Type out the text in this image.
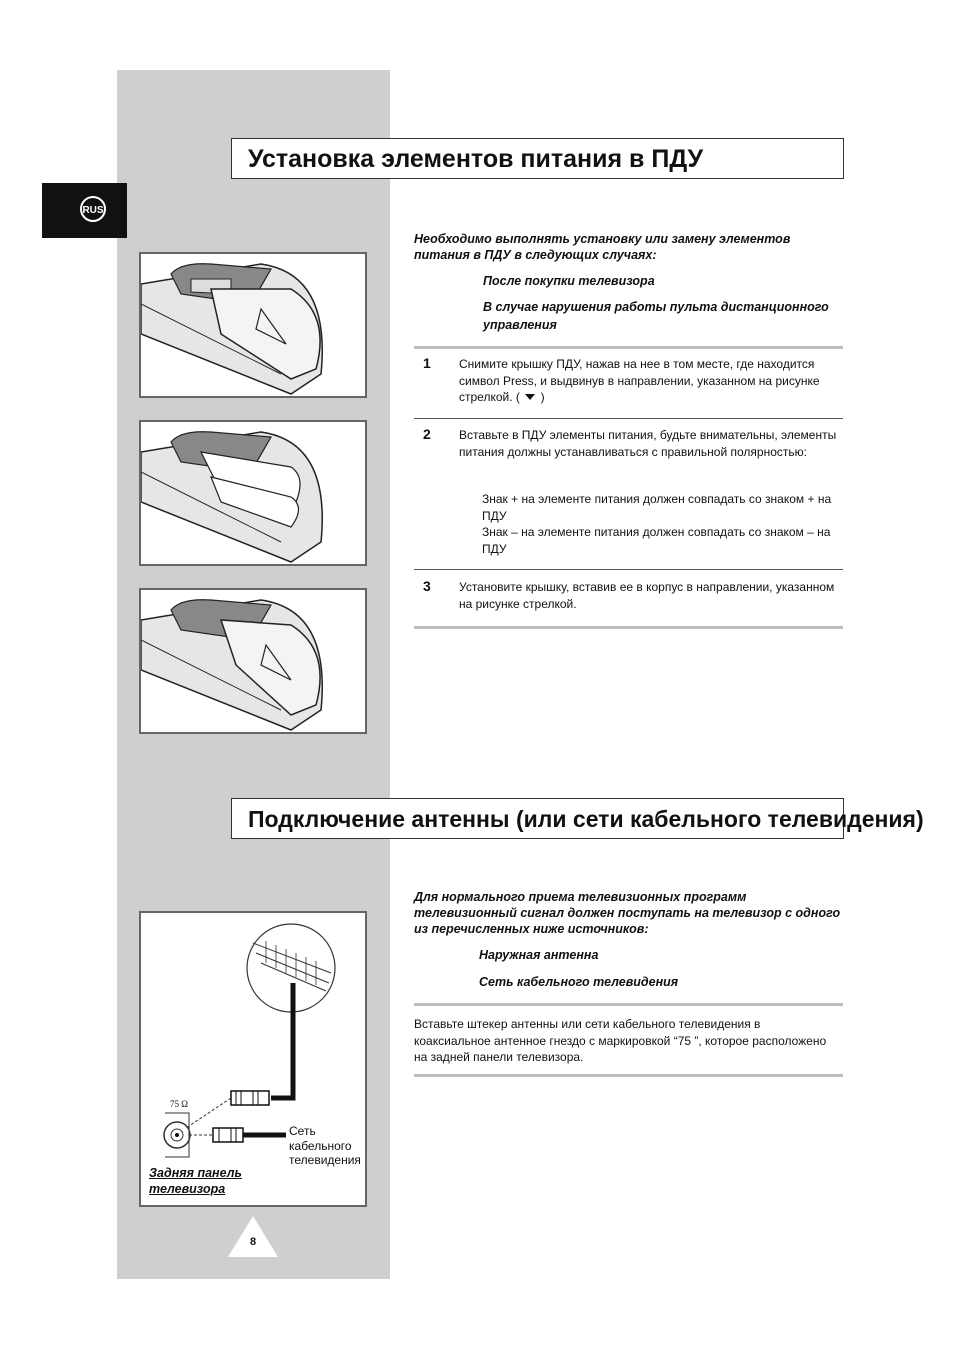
RUS
Установка элементов питания в ПДУ
Необходимо выполнять установку или замену элементов питания в ПДУ в следующих случаях:
После покупки телевизора
В случае нарушения работы пульта дистанционного управления
1 Снимите крышку ПДУ, нажав на нее в том месте, где находится символ Press, и выдвинув в направлении, указанном на рисунке стрелкой. ( )
2 Вставьте в ПДУ элементы питания, будьте внимательны, элементы питания должны устанавливаться с правильной полярностью:
Знак + на элементе питания должен совпадать со знаком + на ПДУ
Знак – на элементе питания должен совпадать со знаком – на ПДУ
3 Установите крышку, вставив ее в корпус в направлении, указанном на рисунке стрелкой.
Подключение антенны (или сети кабельного телевидения)
Для нормального приема телевизионных программ телевизионный сигнал должен поступать на телевизор с одного из перечисленных ниже источников:
Наружная антенна
Сеть кабельного телевидения
Вставьте штекер антенны или сети кабельного телевидения в коаксиальное антенное гнездо с маркировкой “75 ”, которое расположено на задней панели телевизора.
75 Ω
Сеть
кабельного
телевидения
Задняя панель
телевизора
8
